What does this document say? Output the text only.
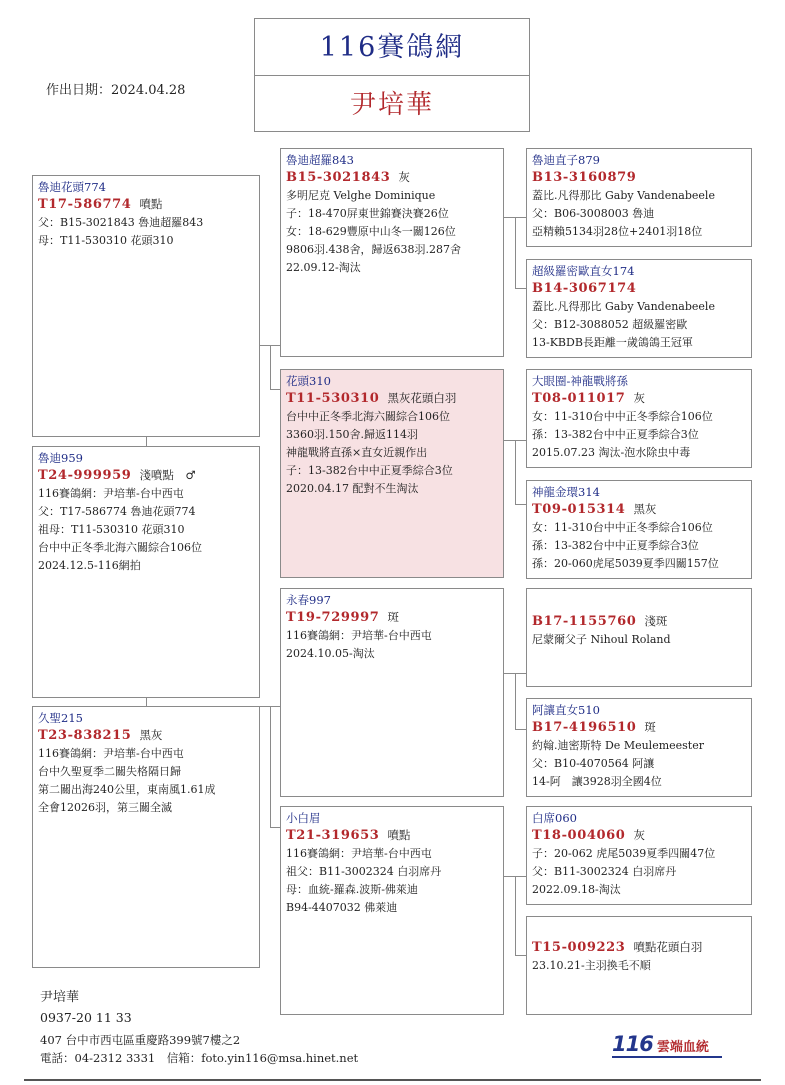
116賽鴿網
尹培華
作出日期：2024.04.28
魯迪花頭774
T17-586774 噴點
父：B15-3021843 魯迪超羅843
母：T11-530310 花頭310
魯迪959
T24-999959 淺噴點　♂
116賽鴿網：尹培華-台中西屯
父：T17-586774 魯迪花頭774
祖母：T11-530310 花頭310
台中中正冬季北海六關綜合106位
2024.12.5-116網拍
久聖215
T23-838215 黑灰
116賽鴿網：尹培華-台中西屯
台中久聖夏季二關失格隔日歸
第二關出海240公里，東南風1.61成
全會12026羽，第三關全滅
魯迪超羅843
B15-3021843 灰
多明尼克 Velghe Dominique
子：18-470屏東世錦賽決賽26位
女：18-629豐原中山冬一關126位
9806羽.438舍，歸返638羽.287舍
22.09.12-淘汰
花頭310
T11-530310 黑灰花頭白羽
台中中正冬季北海六關綜合106位
3360羽.150舍.歸返114羽
神龍戰將直孫×直女近親作出
子：13-382台中中正夏季綜合3位
2020.04.17 配對不生淘汰
永春997
T19-729997 斑
116賽鴿網：尹培華-台中西屯
2024.10.05-淘汰
小白眉
T21-319653 噴點
116賽鴿網：尹培華-台中西屯
祖父：B11-3002324 白羽席丹
母：血統-羅森.波斯-佛萊迪
B94-4407032 佛萊迪
魯迪直子879
B13-3160879
蓋比.凡得那比 Gaby Vandenabeele
父：B06-3008003 魯迪
亞精賴5134羽28位+2401羽18位
超級羅密歐直女174
B14-3067174
蓋比.凡得那比 Gaby Vandenabeele
父：B12-3088052 超級羅密歐
13-KBDB長距離一歲鴿鴿王冠軍
大眼圈-神龍戰將孫
T08-011017 灰
女：11-310台中中正冬季綜合106位
孫：13-382台中中正夏季綜合3位
2015.07.23 淘汰-泡水除虫中毒
神龍金環314
T09-015314 黑灰
女：11-310台中中正冬季綜合106位
孫：13-382台中中正夏季綜合3位
孫：20-060虎尾5039夏季四關157位
B17-1155760 淺斑
尼蒙爾父子 Nihoul Roland
阿讓直女510
B17-4196510 斑
約翰.迪密斯特 De Meulemeester
父：B10-4070564 阿讓
14-阿　讓3928羽全國4位
白席060
T18-004060 灰
子：20-062 虎尾5039夏季四關47位
父：B11-3002324 白羽席丹
2022.09.18-淘汰
T15-009223 噴點花頭白羽
23.10.21-主羽換毛不順
尹培華
0937-20 11 33
407 台中市西屯區重慶路399號7樓之2
電話：04-2312 3331　信箱：foto.yin116@msa.hinet.net
116 雲端血統
